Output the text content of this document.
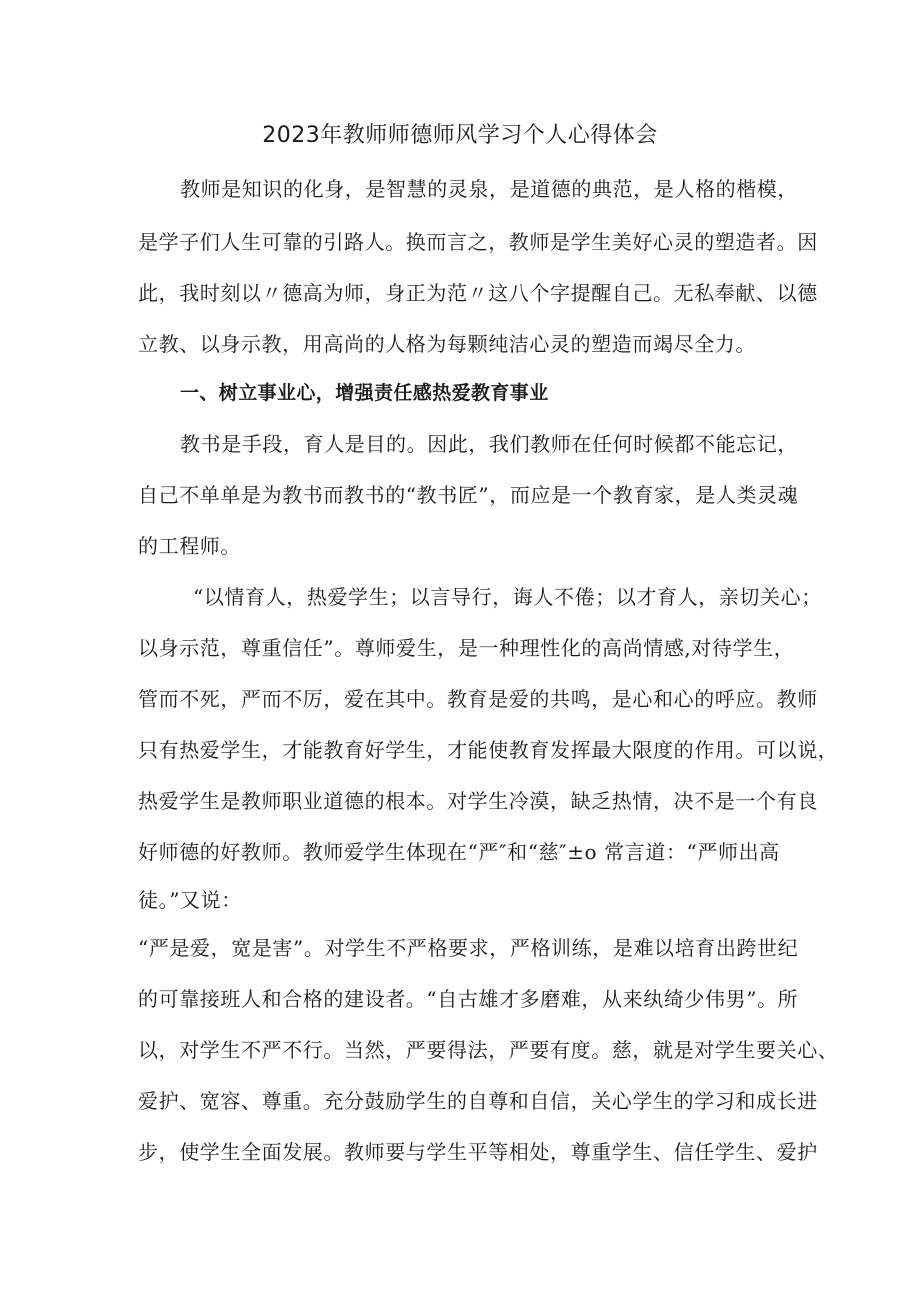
2023年教师师德师风学习个人心得体会
教师是知识的化身，是智慧的灵泉，是道德的典范，是人格的楷模，
是学子们人生可靠的引路人。换而言之，教师是学生美好心灵的塑造者。因
此，我时刻以〃德高为师，身正为范〃这八个字提醒自己。无私奉献、以德
立教、以身示教，用高尚的人格为每颗纯洁心灵的塑造而竭尽全力。
一、树立事业心，增强责任感热爱教育事业
教书是手段，育人是目的。因此，我们教师在任何时候都不能忘记，
自己不单单是为教书而教书的“教书匠”，而应是一个教育家，是人类灵魂
的工程师。
“以情育人，热爱学生；以言导行，诲人不倦；以才育人，亲切关心；
以身示范，尊重信任”。尊师爱生，是一种理性化的高尚情感,对待学生，
管而不死，严而不厉，爱在其中。教育是爱的共鸣，是心和心的呼应。教师
只有热爱学生，才能教育好学生，才能使教育发挥最大限度的作用。可以说，
热爱学生是教师职业道德的根本。对学生冷漠，缺乏热情，决不是一个有良
好师德的好教师。教师爱学生体现在“严″和“慈″±o 常言道：“严师出高
徒。”又说：
“严是爱，宽是害”。对学生不严格要求，严格训练，是难以培育出跨世纪
的可靠接班人和合格的建设者。“自古雄才多磨难，从来纨绮少伟男”。所
以，对学生不严不行。当然，严要得法，严要有度。慈，就是对学生要关心、
爱护、宽容、尊重。充分鼓励学生的自尊和自信，关心学生的学习和成长进
步，使学生全面发展。教师要与学生平等相处，尊重学生、信任学生、爱护
